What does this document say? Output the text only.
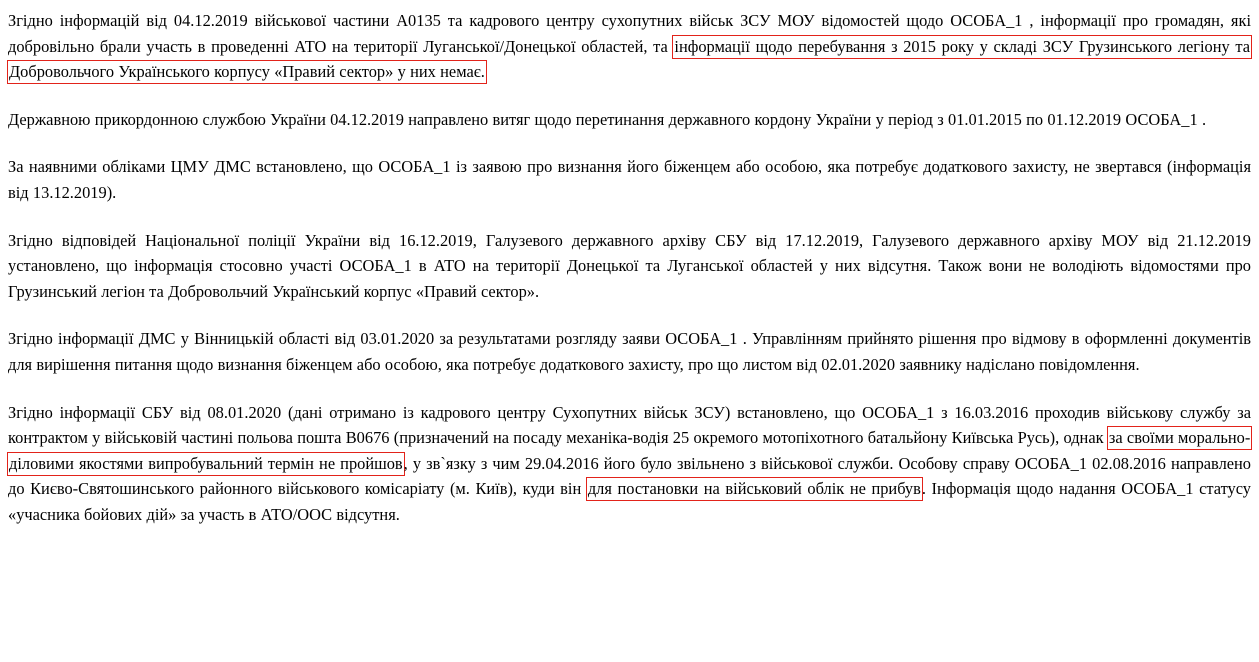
Згідно інформацій від 04.12.2019 військової частини А0135 та кадрового центру сухопутних військ ЗСУ МОУ відомостей щодо ОСОБА_1 , інформації про громадян, які добровільно брали участь в проведенні АТО на території Луганської/Донецької областей, та інформації щодо перебування з 2015 року у складі ЗСУ Грузинського легіону та Добровольчого Українського корпусу «Правий сектор» у них немає.

Державною прикордонною службою України 04.12.2019 направлено витяг щодо перетинання державного кордону України у період з 01.01.2015 по 01.12.2019 ОСОБА_1 .

За наявними обліками ЦМУ ДМС встановлено, що ОСОБА_1 із заявою про визнання його біженцем або особою, яка потребує додаткового захисту, не звертався (інформація від 13.12.2019).

Згідно відповідей Національної поліції України від 16.12.2019, Галузевого державного архіву СБУ від 17.12.2019, Галузевого державного архіву МОУ від 21.12.2019 установлено, що інформація стосовно участі ОСОБА_1 в АТО на території Донецької та Луганської областей у них відсутня. Також вони не володіють відомостями про Грузинський легіон та Добровольчий Український корпус «Правий сектор».

Згідно інформації ДМС у Вінницькій області від 03.01.2020 за результатами розгляду заяви ОСОБА_1 . Управлінням прийнято рішення про відмову в оформленні документів для вирішення питання щодо визнання біженцем або особою, яка потребує додаткового захисту, про що листом від 02.01.2020 заявнику надіслано повідомлення.

Згідно інформації СБУ від 08.01.2020 (дані отримано із кадрового центру Сухопутних військ ЗСУ) встановлено, що ОСОБА_1 з 16.03.2016 проходив військову службу за контрактом у військовій частині польова пошта В0676 (призначений на посаду механіка-водія 25 окремого мотопіхотного батальйону Київська Русь), однак за своїми морально-діловими якостями випробувальний термін не пройшов, у зв`язку з чим 29.04.2016 його було звільнено з військової служби. Особову справу ОСОБА_1 02.08.2016 направлено до Києво-Святошинського районного військового комісаріату (м. Київ), куди він для постановки на військовий облік не прибув. Інформація щодо надання ОСОБА_1 статусу «учасника бойових дій» за участь в АТО/ООС відсутня.
